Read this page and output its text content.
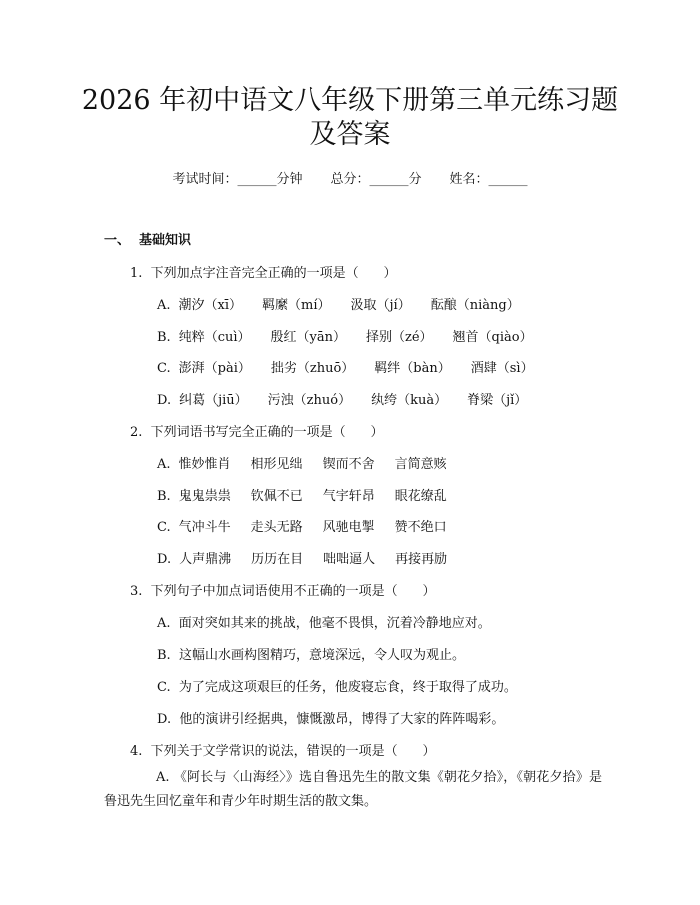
2026 年初中语文八年级下册第三单元练习题
及答案
考试时间：______分钟 总分：______分 姓名：______
一、  基础知识
1.  下列加点字注音完全正确的一项是（      ）
A. 潮汐（xī） 羁縻（mí） 汲取（jí） 酝酿（niàng）
B. 纯粹（cuì） 殷红（yān） 择别（zé） 翘首（qiào）
C. 澎湃（pài） 拙劣（zhuō） 羁绊（bàn） 酒肆（sì）
D. 纠葛（jiū） 污浊（zhuó） 纨绔（kuà） 脊梁（jǐ）
2.  下列词语书写完全正确的一项是（      ）
A. 惟妙惟肖 相形见绌 锲而不舍 言简意赅
B. 鬼鬼祟祟 钦佩不已 气宇轩昂 眼花缭乱
C. 气冲斗牛 走头无路 风驰电掣 赞不绝口
D. 人声鼎沸 历历在目 咄咄逼人 再接再励
3.  下列句子中加点词语使用不正确的一项是（      ）
A.  面对突如其来的挑战，他毫不畏惧，沉着冷静地应对。
B.  这幅山水画构图精巧，意境深远，令人叹为观止。
C.  为了完成这项艰巨的任务，他废寝忘食，终于取得了成功。
D.  他的演讲引经据典，慷慨激昂，博得了大家的阵阵喝彩。
4.  下列关于文学常识的说法，错误的一项是（      ）
A. 《阿长与〈山海经〉》选自鲁迅先生的散文集《朝花夕拾》，《朝花夕拾》是鲁迅先生回忆童年和青少年时期生活的散文集。
